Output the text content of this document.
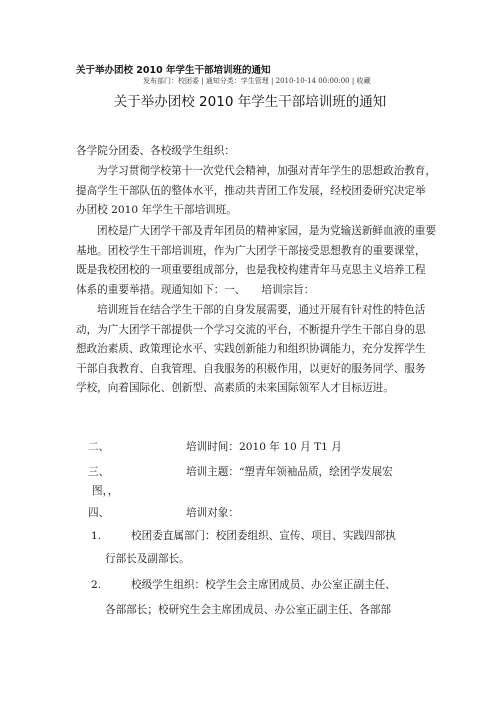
关于举办团校 2010 年学生干部培训班的通知
发布部门：校团委 | 通知分类：学生管理 | 2010-10-14 00:00:00 | 收藏
关于举办团校 2010 年学生干部培训班的通知
各学院分团委、各校级学生组织：

为学习贯彻学校第十一次党代会精神，加强对青年学生的思想政治教育，提高学生干部队伍的整体水平，推动共青团工作发展，经校团委研究决定举办团校 2010 年学生干部培训班。

团校是广大团学干部及青年团员的精神家园，是为党输送新鲜血液的重要基地。团校学生干部培训班，作为广大团学干部接受思想教育的重要课堂，既是我校团校的一项重要组成部分，也是我校构建青年马克思主义培养工程体系的重要举措。现通知如下：一、　　培训宗旨：

培训班旨在结合学生干部的自身发展需要，通过开展有针对性的特色活动，为广大团学干部提供一个学习交流的平台，不断提升学生干部自身的思想政治素质、政策理论水平、实践创新能力和组织协调能力，充分发挥学生干部自我教育、自我管理、自我服务的积极作用，以更好的服务同学、服务学校，向着国际化、创新型、高素质的未来国际领军人才目标迈进。

二、	培训时间：2010 年 10 月 T1 月
三、	培训主题：“塑青年领袖品质，绘团学发展宏
图，，
四、	培训对象：
1.	校团委直属部门：校团委组织、宣传、项目、实践四部执
行部长及副部长。
2.	校级学生组织：校学生会主席团成员、办公室正副主任、
各部部长；校研究生会主席团成员、办公室正副主任、各部部
